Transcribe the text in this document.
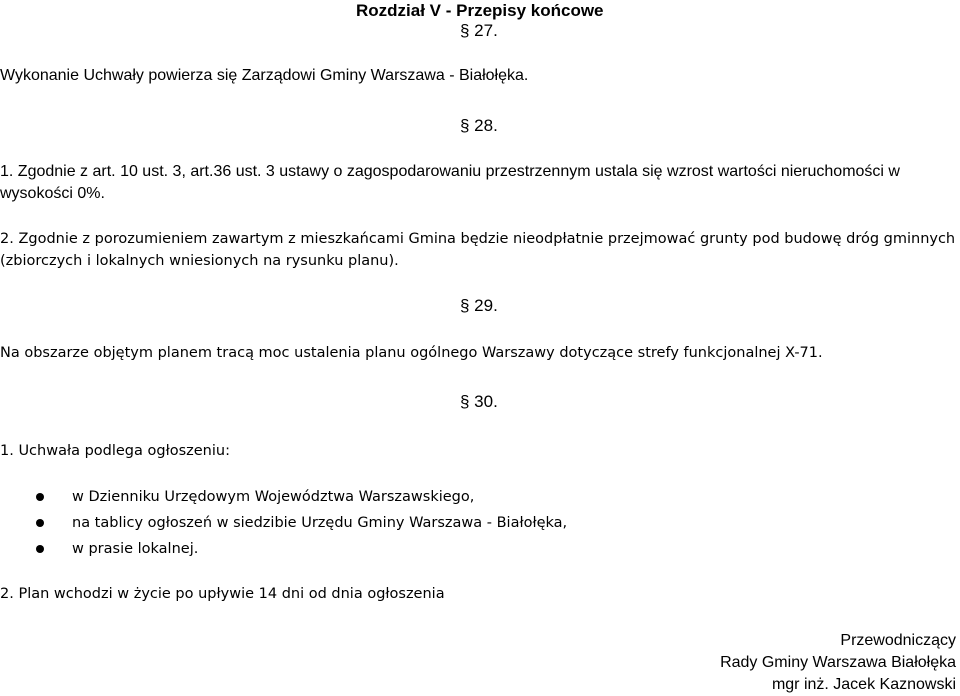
Rozdział V - Przepisy końcowe
§ 27.
Wykonanie Uchwały powierza się Zarządowi Gminy Warszawa - Białołęka.
§ 28.
1. Zgodnie z art. 10 ust. 3, art.36 ust. 3 ustawy o zagospodarowaniu przestrzennym ustala się wzrost wartości nieruchomości w
wysokości 0%.
2. Zgodnie z porozumieniem zawartym z mieszkańcami Gmina będzie nieodpłatnie przejmować grunty pod budowę dróg gminnych
(zbiorczych i lokalnych wniesionych na rysunku planu).
§ 29.
Na obszarze objętym planem tracą moc ustalenia planu ogólnego Warszawy dotyczące strefy funkcjonalnej X-71.
§ 30.
1. Uchwała podlega ogłoszeniu:
w Dzienniku Urzędowym Województwa Warszawskiego,
na tablicy ogłoszeń w siedzibie Urzędu Gminy Warszawa - Białołęka,
w prasie lokalnej.
2. Plan wchodzi w życie po upływie 14 dni od dnia ogłoszenia
Przewodniczący
Rady Gminy Warszawa Białołęka
mgr inż. Jacek Kaznowski
